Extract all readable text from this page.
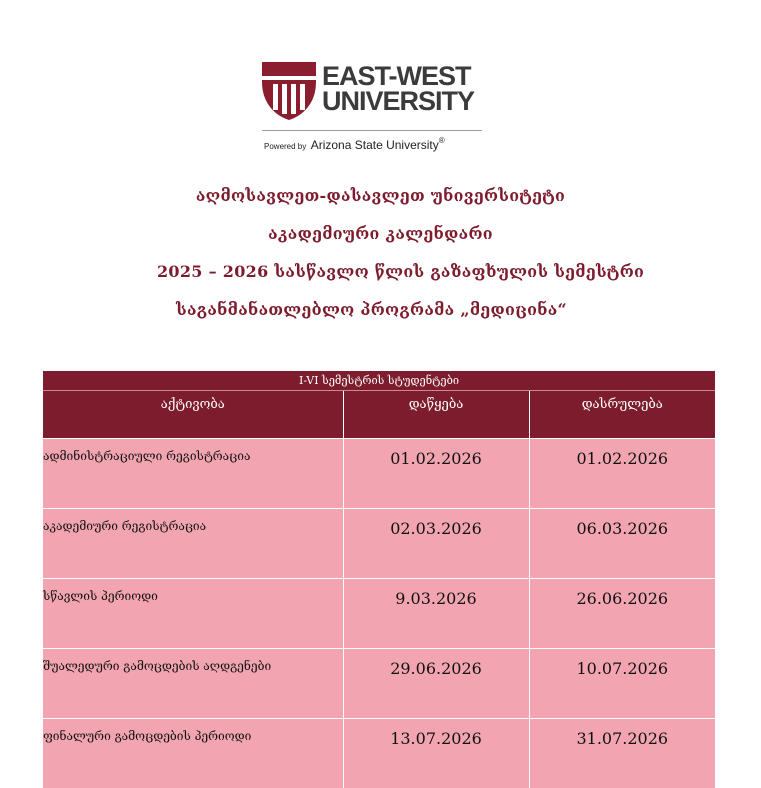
EAST-WEST
UNIVERSITY
Powered by Arizona State University®
აღმოსავლეთ-დასავლეთ უნივერსიტეტი
აკადემიური კალენდარი
2025 – 2026 სასწავლო წლის გაზაფხულის სემესტრი
საგანმანათლებლო პროგრამა „მედიცინა“
I-VI სემესტრის სტუდენტები		
აქტივობა	დაწყება	დასრულება
ადმინისტრაციული რეგისტრაცია	01.02.2026	01.02.2026
აკადემიური რეგისტრაცია	02.03.2026	06.03.2026
სწავლის პერიოდი	9.03.2026	26.06.2026
შუალედური გამოცდების აღდგენები	29.06.2026	10.07.2026
ფინალური გამოცდების პერიოდი	13.07.2026	31.07.2026
